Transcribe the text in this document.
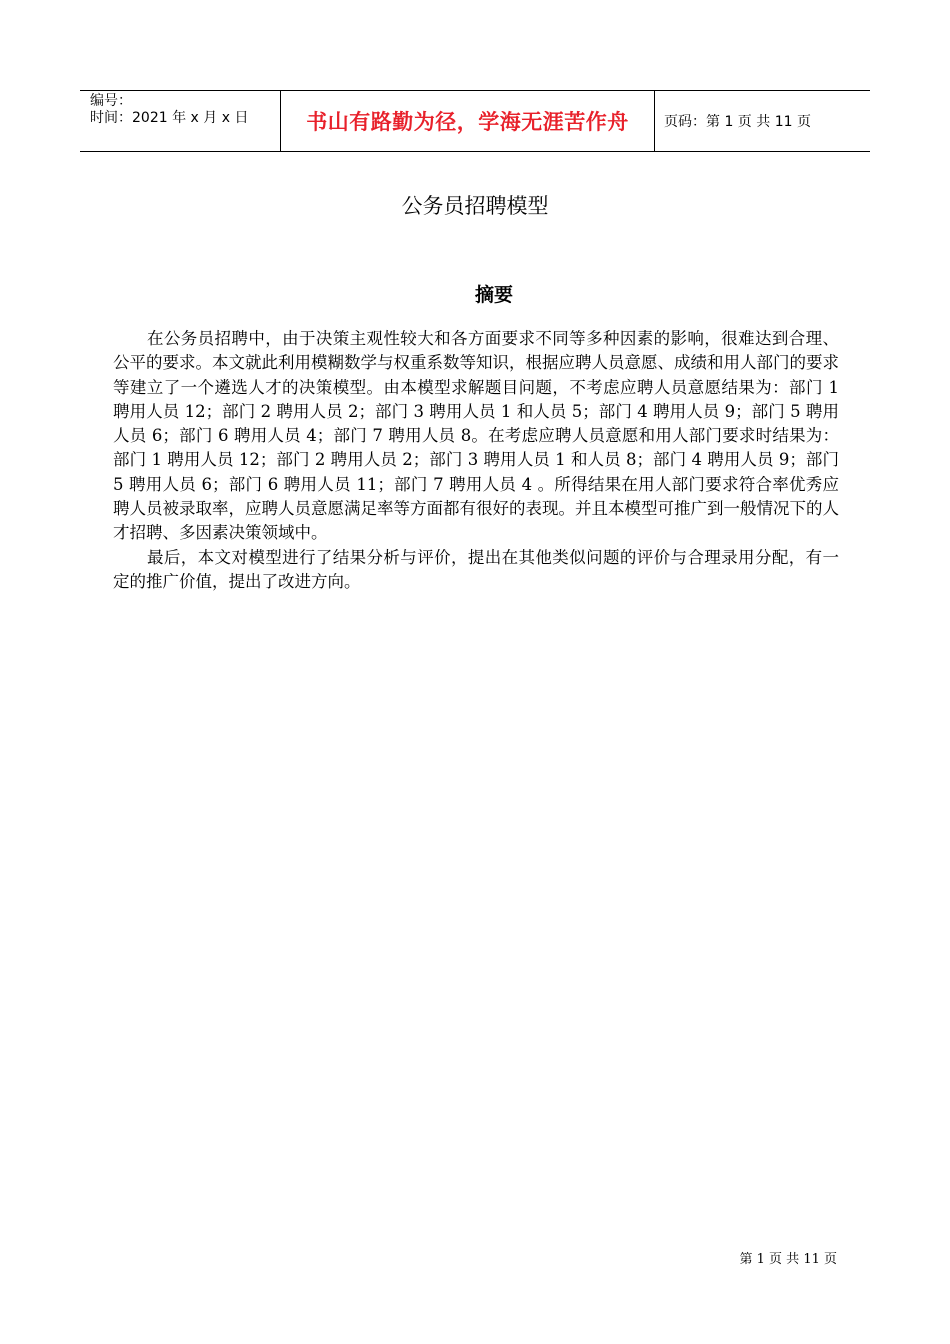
编号：
时间：2021 年 x 月 x 日	书山有路勤为径，学海无涯苦作舟	页码：第 1 页 共 11 页
公务员招聘模型
摘要

在公务员招聘中，由于决策主观性较大和各方面要求不同等多种因素的影响，很难达到合理、公平的要求。本文就此利用模糊数学与权重系数等知识，根据应聘人员意愿、成绩和用人部门的要求等建立了一个遴选人才的决策模型。由本模型求解题目问题，不考虑应聘人员意愿结果为：部门 1 聘用人员 12；部门 2 聘用人员 2；部门 3 聘用人员 1 和人员 5；部门 4 聘用人员 9；部门 5 聘用人员 6；部门 6 聘用人员 4；部门 7 聘用人员 8。在考虑应聘人员意愿和用人部门要求时结果为：部门 1 聘用人员 12；部门 2 聘用人员 2；部门 3 聘用人员 1 和人员 8；部门 4 聘用人员 9；部门 5 聘用人员 6；部门 6 聘用人员 11；部门 7 聘用人员 4 。所得结果在用人部门要求符合率优秀应聘人员被录取率，应聘人员意愿满足率等方面都有很好的表现。并且本模型可推广到一般情况下的人才招聘、多因素决策领域中。

最后，本文对模型进行了结果分析与评价，提出在其他类似问题的评价与合理录用分配，有一定的推广价值，提出了改进方向。

第 1 页 共 11 页
